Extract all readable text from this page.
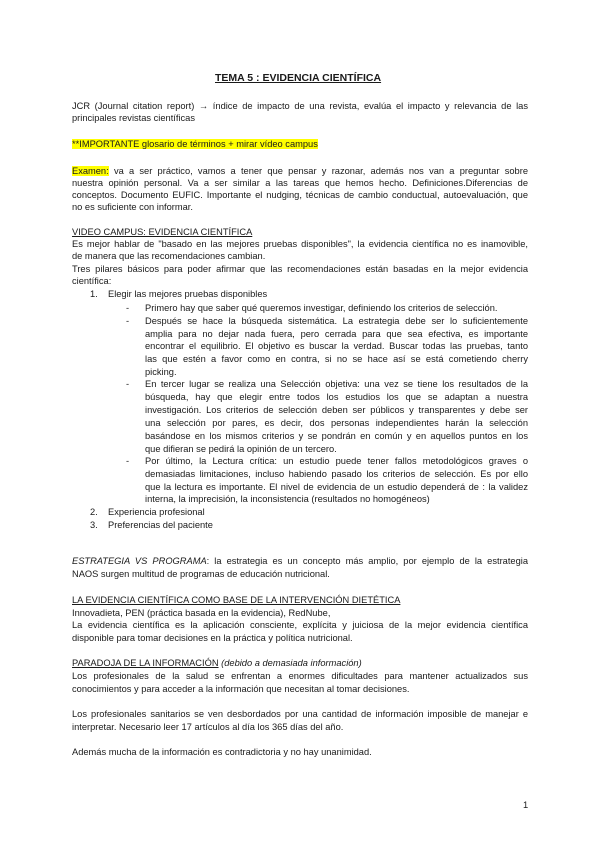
TEMA 5 : EVIDENCIA CIENTÍFICA
JCR (Journal citation report) → índice de impacto de una revista, evalúa el impacto y relevancia de las
principales revistas científicas
**IMPORTANTE glosario de términos + mirar vídeo campus
Examen: va a ser práctico, vamos a tener que pensar y razonar, además nos van a preguntar sobre
nuestra opinión personal. Va a ser similar a las tareas que hemos hecho. Definiciones.Diferencias de
conceptos. Documento EUFIC. Importante el nudging, técnicas de cambio conductual, autoevaluación, que
no es suficiente con informar.
VIDEO CAMPUS: EVIDENCIA CIENTÍFICA
Es mejor hablar de "basado en las mejores pruebas disponibles", la evidencia científica no es inamovible,
de manera que las recomendaciones cambian.
Tres pilares básicos para poder afirmar que las recomendaciones están basadas en la mejor evidencia
científica:
1. Elegir las mejores pruebas disponibles
- Primero hay que saber qué queremos investigar, definiendo los criterios de selección.
- Después se hace la búsqueda sistemática. La estrategia debe ser lo suficientemente
amplia para no dejar nada fuera, pero cerrada para que sea efectiva, es importante
encontrar el equilibrio. El objetivo es buscar la verdad. Buscar todas las pruebas, tanto
las que estén a favor como en contra, si no se hace así se está cometiendo cherry
picking.
- En tercer lugar se realiza una Selección objetiva: una vez se tiene los resultados de la
búsqueda, hay que elegir entre todos los estudios los que se adaptan a nuestra
investigación. Los criterios de selección deben ser públicos y transparentes y debe ser
una selección por pares, es decir, dos personas independientes harán la selección
basándose en los mismos criterios y se pondrán en común y en aquellos puntos en los
que difieran se pedirá la opinión de un tercero.
- Por último, la Lectura crítica: un estudio puede tener fallos metodológicos graves o
demasiadas limitaciones, incluso habiendo pasado los criterios de selección. Es por ello
que la lectura es importante. El nivel de evidencia de un estudio dependerá de : la validez
interna, la imprecisión, la inconsistencia (resultados no homogéneos)
2. Experiencia profesional
3. Preferencias del paciente
ESTRATEGIA VS PROGRAMA: la estrategia es un concepto más amplio, por ejemplo de la estrategia
NAOS surgen multitud de programas de educación nutricional.
LA EVIDENCIA CIENTÍFICA COMO BASE DE LA INTERVENCIÓN DIETÉTICA
Innovadieta, PEN (práctica basada en la evidencia), RedNube,
La evidencia científica es la aplicación consciente, explícita y juiciosa de la mejor evidencia científica
disponible para tomar decisiones en la práctica y política nutricional.
PARADOJA DE LA INFORMACIÓN (debido a demasiada información)
Los profesionales de la salud se enfrentan a enormes dificultades para mantener actualizados sus
conocimientos y para acceder a la información que necesitan al tomar decisiones.
Los profesionales sanitarios se ven desbordados por una cantidad de información imposible de manejar e
interpretar. Necesario leer 17 artículos al día los 365 días del año.
Además mucha de la información es contradictoria y no hay unanimidad.
1
